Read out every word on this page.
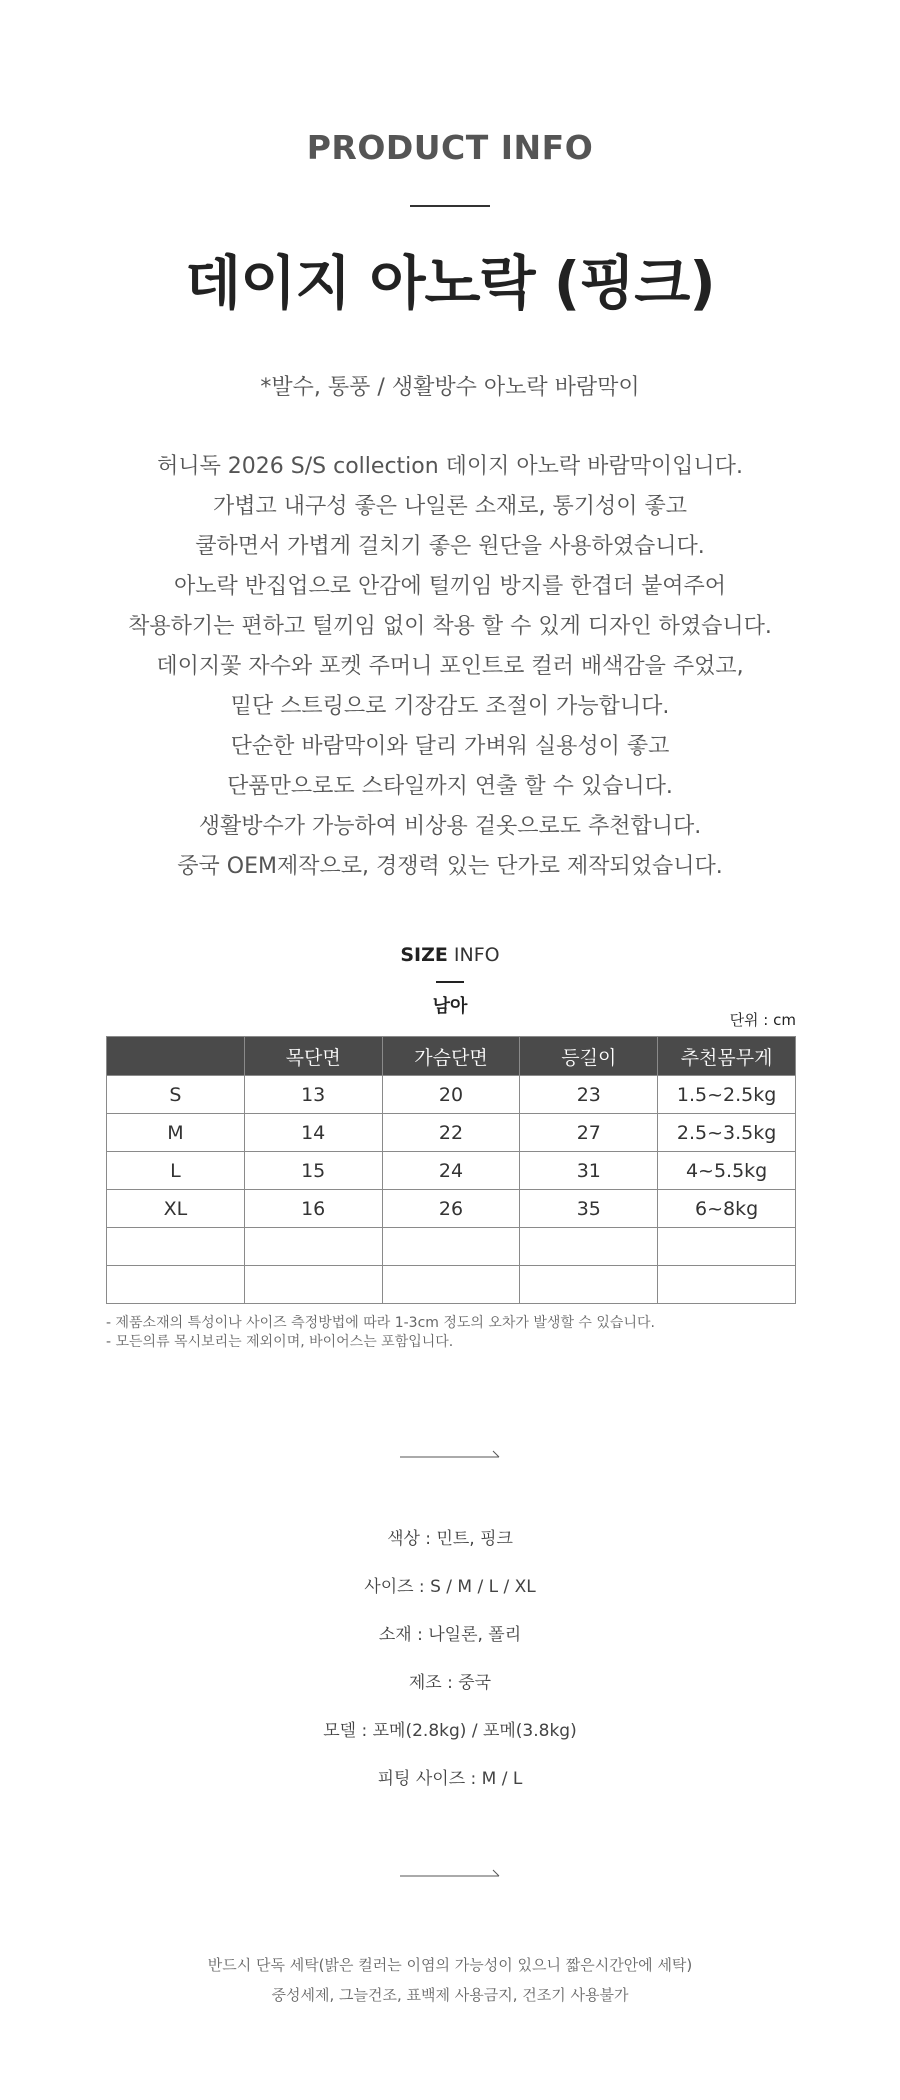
PRODUCT INFO
데이지 아노락 (핑크)
*발수, 통풍 / 생활방수 아노락 바람막이
허니독 2026 S/S collection 데이지 아노락 바람막이입니다.
가볍고 내구성 좋은 나일론 소재로, 통기성이 좋고
쿨하면서 가볍게 걸치기 좋은 원단을 사용하였습니다.
아노락 반집업으로 안감에 털끼임 방지를 한겹더 붙여주어
착용하기는 편하고 털끼임 없이 착용 할 수 있게 디자인 하였습니다.
데이지꽃 자수와 포켓 주머니 포인트로 컬러 배색감을 주었고,
밑단 스트링으로 기장감도 조절이 가능합니다.
단순한 바람막이와 달리 가벼워 실용성이 좋고
단품만으로도 스타일까지 연출 할 수 있습니다.
생활방수가 가능하여 비상용 겉옷으로도 추천합니다.
중국 OEM제작으로, 경쟁력 있는 단가로 제작되었습니다.
SIZE INFO
남아
단위 : cm
	목단면	가슴단면	등길이	추천몸무게
S	13	20	23	1.5~2.5kg
M	14	22	27	2.5~3.5kg
L	15	24	31	4~5.5kg
XL	16	26	35	6~8kg

- 제품소재의 특성이나 사이즈 측정방법에 따라 1-3cm 정도의 오차가 발생할 수 있습니다.
- 모든의류 목시보리는 제외이며, 바이어스는 포함입니다.
색상 : 민트, 핑크
사이즈 : S / M / L / XL
소재 : 나일론, 폴리
제조 : 중국
모델 : 포메(2.8kg) / 포메(3.8kg)
피팅 사이즈 : M / L
반드시 단독 세탁(밝은 컬러는 이염의 가능성이 있으니 짧은시간안에 세탁)
중성세제, 그늘건조, 표백제 사용금지, 건조기 사용불가
